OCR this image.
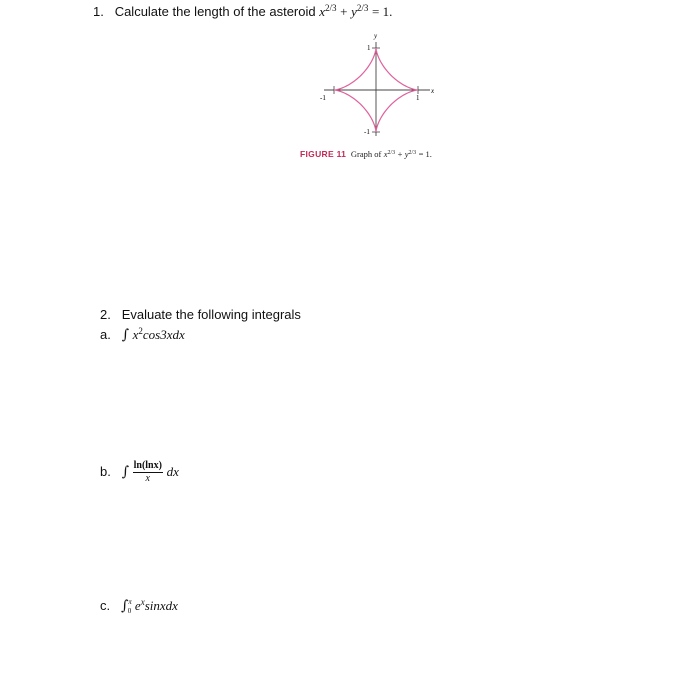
1. Calculate the length of the asteroid $x^{2/3} + y^{2/3} = 1$.
y
x
1
-1	1
-1
FIGURE 11 Graph of $x^{2/3} + y^{2/3} = 1$.
2. Evaluate the following integrals
a. ∫ $x^2\cos 3xdx$
b. ∫ $\frac{\ln(\ln x)}{x}$ dx
c. ∫$^\pi_0$ $e^xsinxdx$
